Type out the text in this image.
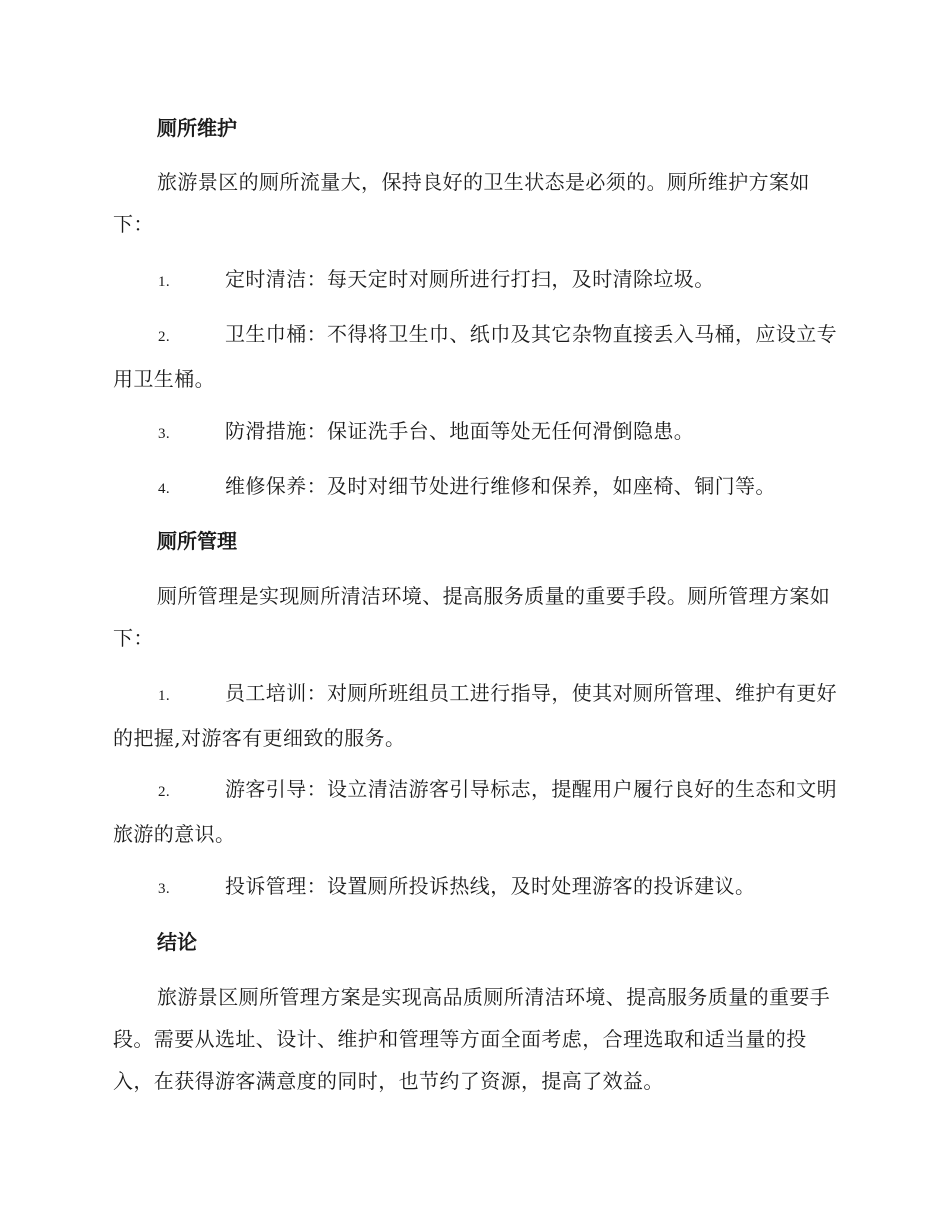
厕所维护
旅游景区的厕所流量大，保持良好的卫生状态是必须的。厕所维护方案如下：
1.	定时清洁：每天定时对厕所进行打扫，及时清除垃圾。
2.	卫生巾桶：不得将卫生巾、纸巾及其它杂物直接丢入马桶，应设立专用卫生桶。
3.	防滑措施：保证洗手台、地面等处无任何滑倒隐患。
4.	维修保养：及时对细节处进行维修和保养，如座椅、铜门等。
厕所管理
厕所管理是实现厕所清洁环境、提高服务质量的重要手段。厕所管理方案如下：
1.	员工培训：对厕所班组员工进行指导，使其对厕所管理、维护有更好的把握,对游客有更细致的服务。
2.	游客引导：设立清洁游客引导标志，提醒用户履行良好的生态和文明旅游的意识。
3.	投诉管理：设置厕所投诉热线，及时处理游客的投诉建议。
结论
旅游景区厕所管理方案是实现高品质厕所清洁环境、提高服务质量的重要手段。需要从选址、设计、维护和管理等方面全面考虑，合理选取和适当量的投入，在获得游客满意度的同时，也节约了资源，提高了效益。
